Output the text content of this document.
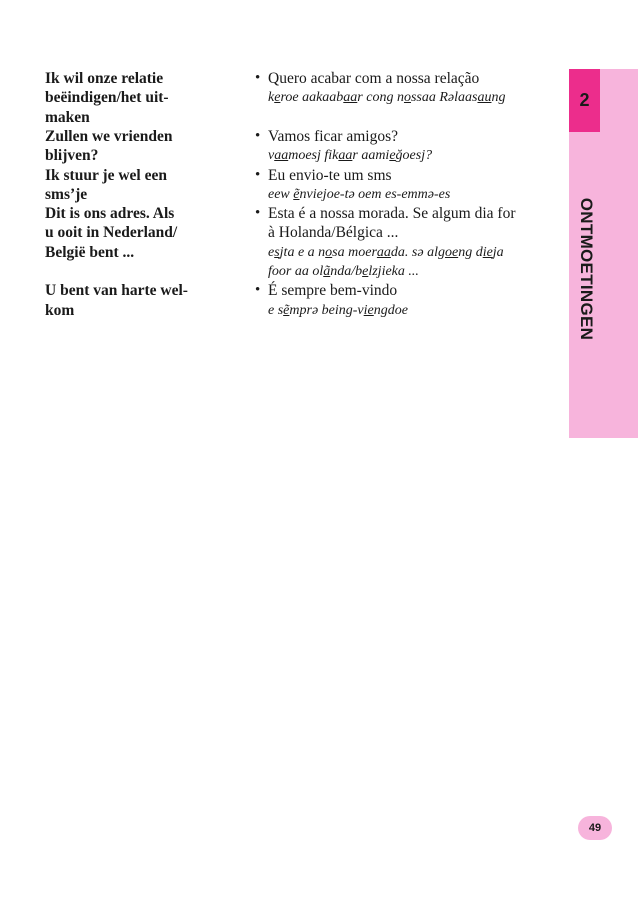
Ik wil onze relatie
beëindigen/het uit-
maken
Zullen we vrienden
blijven?
Ik stuur je wel een
sms’je
Dit is ons adres. Als
u ooit in Nederland/
België bent ...
U bent van harte wel-
kom
• Quero acabar com a nossa relação
keroe aakaabaar cong nossaa Rəlaasaung
• Vamos ficar amigos?
vaamoesj fikaar aamieğoesj?
• Eu envio-te um sms
eew ẽnviejoe-tə oem es-emmə-es
• Esta é a nossa morada. Se algum dia for
à Holanda/Bélgica ...
esjta e a nosa moeraada. sə algoeng dieja
foor aa olãnda/belzjieka ...
• É sempre bem-vindo
e sẽmprə being-viengdoe
2
ONTMOETINGEN
49
